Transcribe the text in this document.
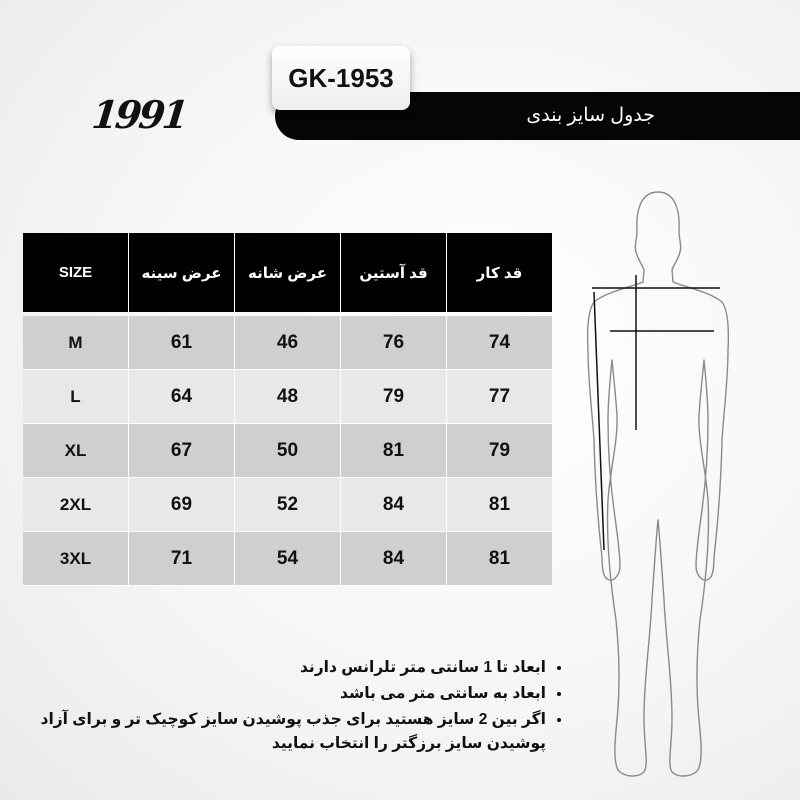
1991	جدول سایز بندی
GK-1953
SIZE	عرض سینه	عرض شانه	قد آستین	قد کار

M	61	46	76	74
L	64	48	79	77
XL	67	50	81	79
2XL	69	52	84	81
3XL	71	54	84	81
• ابعاد تا 1 سانتی متر تلرانس دارند
• ابعاد به سانتی متر می باشد
• اگر بین 2 سایز هستید برای جذب پوشیدن سایز کوچیک تر و برای آزاد پوشیدن سایز برزگتر را انتخاب نمایید
